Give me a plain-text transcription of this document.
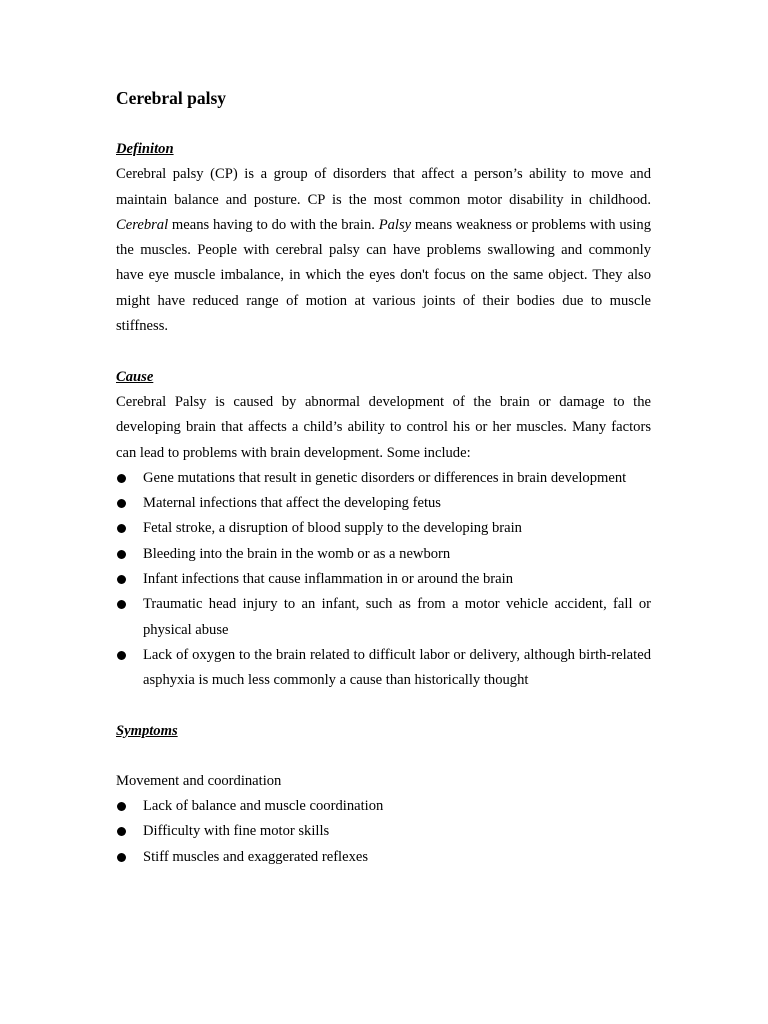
Cerebral palsy
Definiton

Cerebral palsy (CP) is a group of disorders that affect a person’s ability to move and maintain balance and posture. CP is the most common motor disability in childhood. Cerebral means having to do with the brain. Palsy means weakness or problems with using the muscles. People with cerebral palsy can have problems swallowing and commonly have eye muscle imbalance, in which the eyes don't focus on the same object. They also might have reduced range of motion at various joints of their bodies due to muscle stiffness.

Cause

Cerebral Palsy is caused by abnormal development of the brain or damage to the developing brain that affects a child’s ability to control his or her muscles. Many factors can lead to problems with brain development. Some include:

Gene mutations that result in genetic disorders or differences in brain development
Maternal infections that affect the developing fetus
Fetal stroke, a disruption of blood supply to the developing brain
Bleeding into the brain in the womb or as a newborn
Infant infections that cause inflammation in or around the brain
Traumatic head injury to an infant, such as from a motor vehicle accident, fall or physical abuse
Lack of oxygen to the brain related to difficult labor or delivery, although birth-related asphyxia is much less commonly a cause than historically thought
Symptoms

Movement and coordination

Lack of balance and muscle coordination
Difficulty with fine motor skills
Stiff muscles and exaggerated reflexes
